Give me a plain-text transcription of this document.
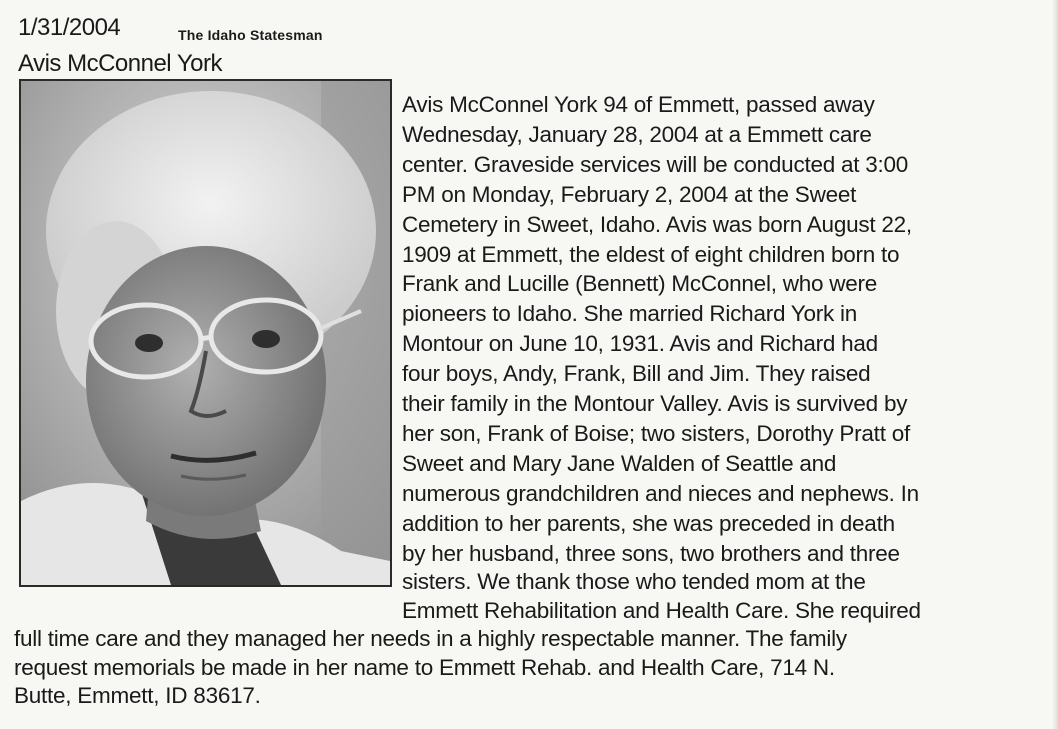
1/31/2004	The Idaho Statesman
Avis McConnel York
Avis McConnel York 94 of Emmett, passed away
Wednesday, January 28, 2004 at a Emmett care
center. Graveside services will be conducted at 3:00
PM on Monday, February 2, 2004 at the Sweet
Cemetery in Sweet, Idaho. Avis was born August 22,
1909 at Emmett, the eldest of eight children born to
Frank and Lucille (Bennett) McConnel, who were
pioneers to Idaho. She married Richard York in
Montour on June 10, 1931. Avis and Richard had
four boys, Andy, Frank, Bill and Jim. They raised
their family in the Montour Valley. Avis is survived by
her son, Frank of Boise; two sisters, Dorothy Pratt of
Sweet and Mary Jane Walden of Seattle and
numerous grandchildren and nieces and nephews. In
addition to her parents, she was preceded in death
by her husband, three sons, two brothers and three
sisters. We thank those who tended mom at the
Emmett Rehabilitation and Health Care. She required
full time care and they managed her needs in a highly respectable manner. The family
request memorials be made in her name to Emmett Rehab. and Health Care, 714 N.
Butte, Emmett, ID 83617.
